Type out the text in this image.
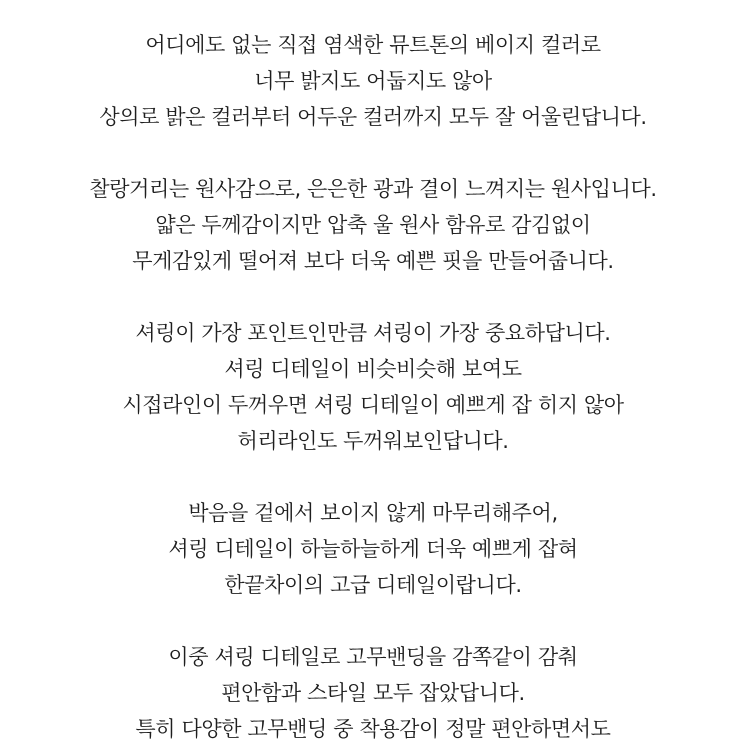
어디에도 없는 직접 염색한 뮤트톤의 베이지 컬러로
너무 밝지도 어둡지도 않아
상의로 밝은 컬러부터 어두운 컬러까지 모두 잘 어울린답니다.
찰랑거리는 원사감으로, 은은한 광과 결이 느껴지는 원사입니다.
얇은 두께감이지만 압축 울 원사 함유로 감김없이
무게감있게 떨어져 보다 더욱 예쁜 핏을 만들어줍니다.
셔링이 가장 포인트인만큼 셔링이 가장 중요하답니다.
셔링 디테일이 비슷비슷해 보여도
시접라인이 두꺼우면 셔링 디테일이 예쁘게 잡 히지 않아
허리라인도 두꺼워보인답니다.
박음을 겉에서 보이지 않게 마무리해주어,
셔링 디테일이 하늘하늘하게 더욱 예쁘게 잡혀
한끝차이의 고급 디테일이랍니다.
이중 셔링 디테일로 고무밴딩을 감쪽같이 감춰
편안함과 스타일 모두 잡았답니다.
특히 다양한 고무밴딩 중 착용감이 정말 편안하면서도
